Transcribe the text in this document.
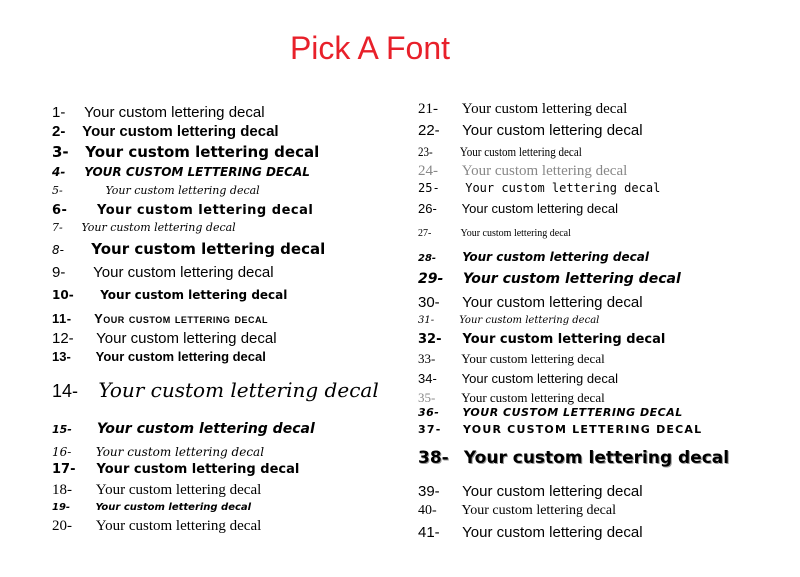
Pick A Font
1- Your custom lettering decal
2- Your custom lettering decal
3- Your custom lettering decal
4- YOUR CUSTOM LETTERING DECAL
5-	Your custom lettering decal
6- Your custom lettering decal
7- Your custom lettering decal
8- Your custom lettering decal
9- Your custom lettering decal
10- Your custom lettering decal
11- Your custom lettering decal
12- Your custom lettering decal
13- Your custom lettering decal
14- Your custom lettering decal
15- Your custom lettering decal
16- Your custom lettering decal
17- Your custom lettering decal
18- Your custom lettering decal
19-	Your custom lettering decal
20- Your custom lettering decal
21- Your custom lettering decal
22- Your custom lettering decal
23- Your custom lettering decal
24- Your custom lettering decal
25- Your custom lettering decal
26- Your custom lettering decal
27-	Your custom lettering decal
28- Your custom lettering decal
29- Your custom lettering decal
30- Your custom lettering decal
31-	Your custom lettering decal
32- Your custom lettering decal
33- Your custom lettering decal
34- Your custom lettering decal
35- Your custom lettering decal
36- YOUR CUSTOM LETTERING DECAL
37- YOUR CUSTOM LETTERING DECAL
38- Your custom lettering decal
39- Your custom lettering decal
40- Your custom lettering decal
41- Your custom lettering decal
